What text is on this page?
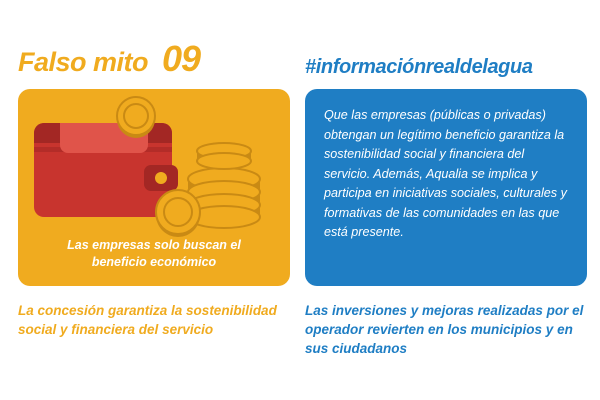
Falso mito 09
Las empresas solo buscan el beneficio económico
La concesión garantiza la sostenibilidad social y financiera del servicio
#informaciónrealdelagua
Que las empresas (públicas o privadas) obtengan un legítimo beneficio garantiza la sostenibilidad social y financiera del servicio. Además, Aqualia se implica y participa en iniciativas sociales, culturales y formativas de las comunidades en las que está presente.
Las inversiones y mejoras realizadas por el operador revierten en los municipios y en sus ciudadanos
